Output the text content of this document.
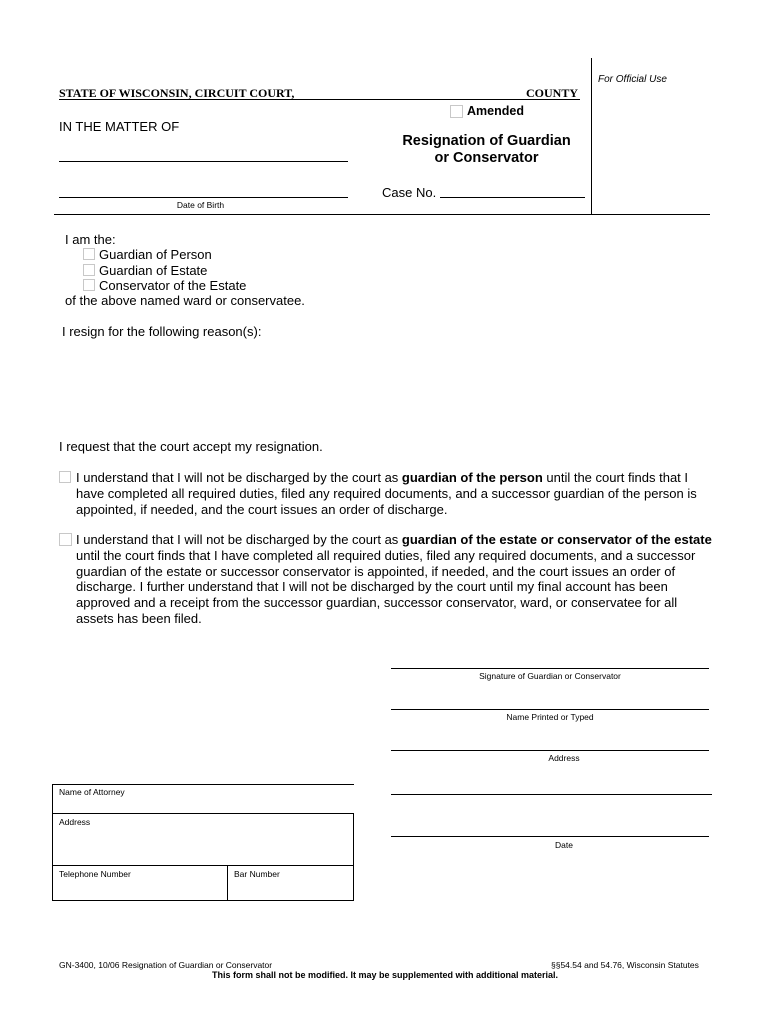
For Official Use
STATE OF WISCONSIN, CIRCUIT COURT,	COUNTY
Amended
IN THE MATTER OF
Resignation of Guardian
or Conservator
Case No.
Date of Birth
I am the:
Guardian of Person
Guardian of Estate
Conservator of the Estate
of the above named ward or conservatee.
I resign for the following reason(s):
I request that the court accept my resignation.
I understand that I will not be discharged by the court as guardian of the person until the court finds that I have completed all required duties, filed any required documents, and a successor guardian of the person is appointed, if needed, and the court issues an order of discharge.
I understand that I will not be discharged by the court as guardian of the estate or conservator of the estate until the court finds that I have completed all required duties, filed any required documents, and a successor guardian of the estate or successor conservator is appointed, if needed, and the court issues an order of discharge. I further understand that I will not be discharged by the court until my final account has been approved and a receipt from the successor guardian, successor conservator, ward, or conservatee for all assets has been filed.
Signature of Guardian or Conservator
Name Printed or Typed
Address
Date
Name of Attorney
Address
Telephone Number	Bar Number
GN-3400, 10/06 Resignation of Guardian or Conservator	§§54.54 and 54.76, Wisconsin Statutes
This form shall not be modified. It may be supplemented with additional material.
